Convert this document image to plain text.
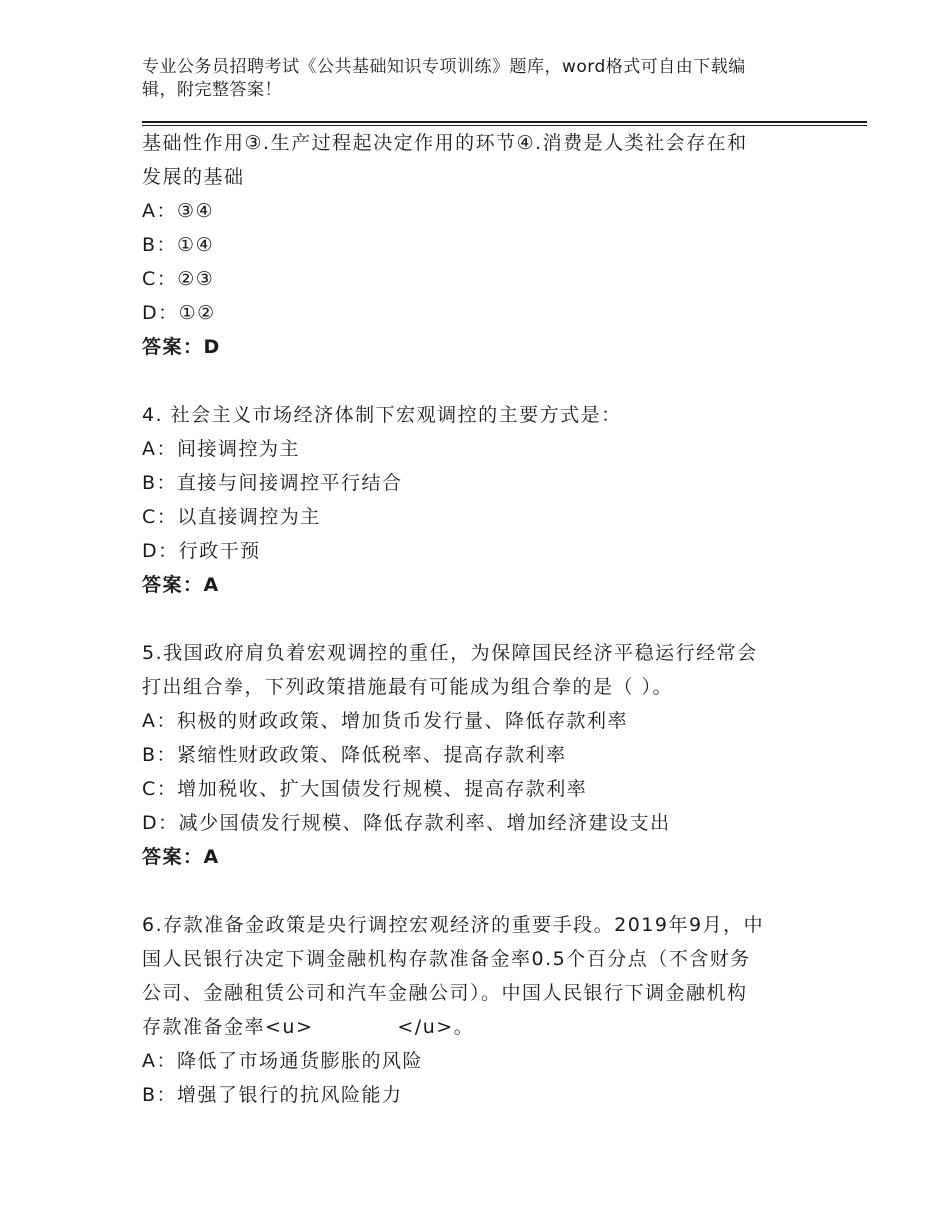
专业公务员招聘考试《公共基础知识专项训练》题库，word格式可自由下载编
辑，附完整答案！
基础性作用③.生产过程起决定作用的环节④.消费是人类社会存在和
发展的基础
A：③④
B：①④
C：②③
D：①②
答案：D
4. 社会主义市场经济体制下宏观调控的主要方式是：
A：间接调控为主
B：直接与间接调控平行结合
C：以直接调控为主
D：行政干预
答案：A
5.我国政府肩负着宏观调控的重任，为保障国民经济平稳运行经常会
打出组合拳，下列政策措施最有可能成为组合拳的是（ ）。
A：积极的财政政策、增加货币发行量、降低存款利率
B：紧缩性财政政策、降低税率、提高存款利率
C：增加税收、扩大国债发行规模、提高存款利率
D：减少国债发行规模、降低存款利率、增加经济建设支出
答案：A
6.存款准备金政策是央行调控宏观经济的重要手段。2019年9月，中
国人民银行决定下调金融机构存款准备金率0.5个百分点（不含财务
公司、金融租赁公司和汽车金融公司）。中国人民银行下调金融机构
存款准备金率<u>	</u>。
A：降低了市场通货膨胀的风险
B：增强了银行的抗风险能力
